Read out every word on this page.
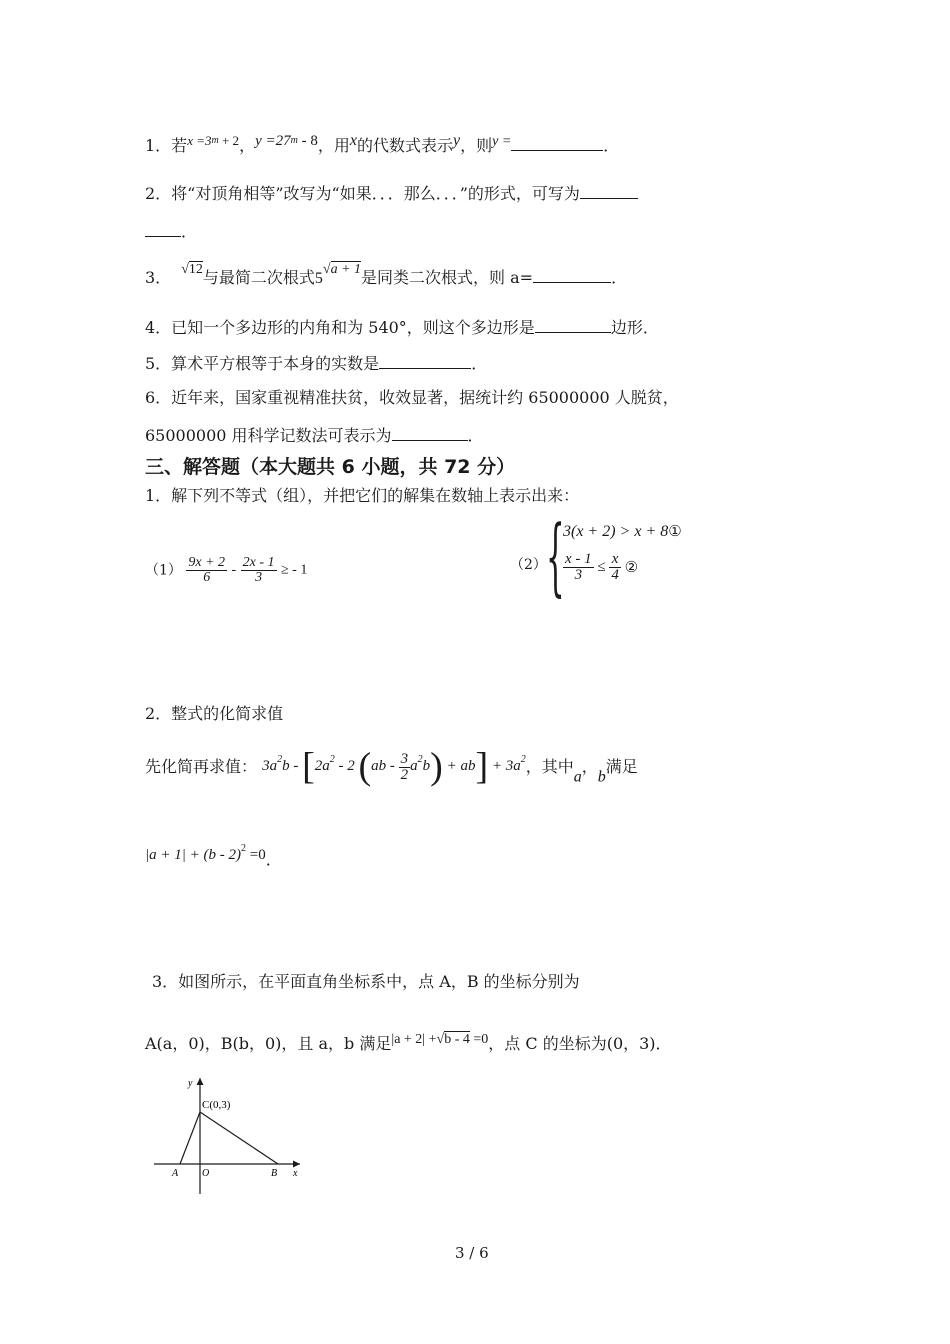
1．若$^{x =3m}$ $^{+ 2}$，$y =27^m - 8$，用x的代数式表示y，则y =	．
2．将“对顶角相等”改写为“如果．．．那么．．．”的形式，可写为
．
3． √12与最简二次根式5√a + 1是同类二次根式，则 a=	．
4．已知一个多边形的内角和为 540°，则这个多边形是	边形．
5．算术平方根等于本身的实数是	．
6．近年来，国家重视精准扶贫，收效显著，据统计约 65000000 人脱贫，
65000000 用科学记数法可表示为	．
三、解答题（本大题共 6 小题，共 72 分）
1．解下列不等式（组），并把它们的解集在数轴上表示出来：
$(1) \frac{9x + 2}{6} - \frac{2x - 1}{3}$ ≥ - 1	（2） {
3(x + 2) > x + 8①
$\frac{x - 1}{3} \le \frac{x}{4}$ ②
2．整式的化简求值
先化简再求值： $3a^2b - [2a^2 - 2$ $(ab - \frac{3}{2} a^2b) + ab] + 3a^2$，其中a，b满足
|a + 1| + (b - 2)$^2$ =0．
3．如图所示，在平面直角坐标系中，点 A，B 的坐标分别为
A(a，0)，B(b，0)，且 a，b 满足|a + 2| +√b - 4 =0，点 C 的坐标为(0，3)．
y
x
C(0,3)
A O	B
3 / 6
